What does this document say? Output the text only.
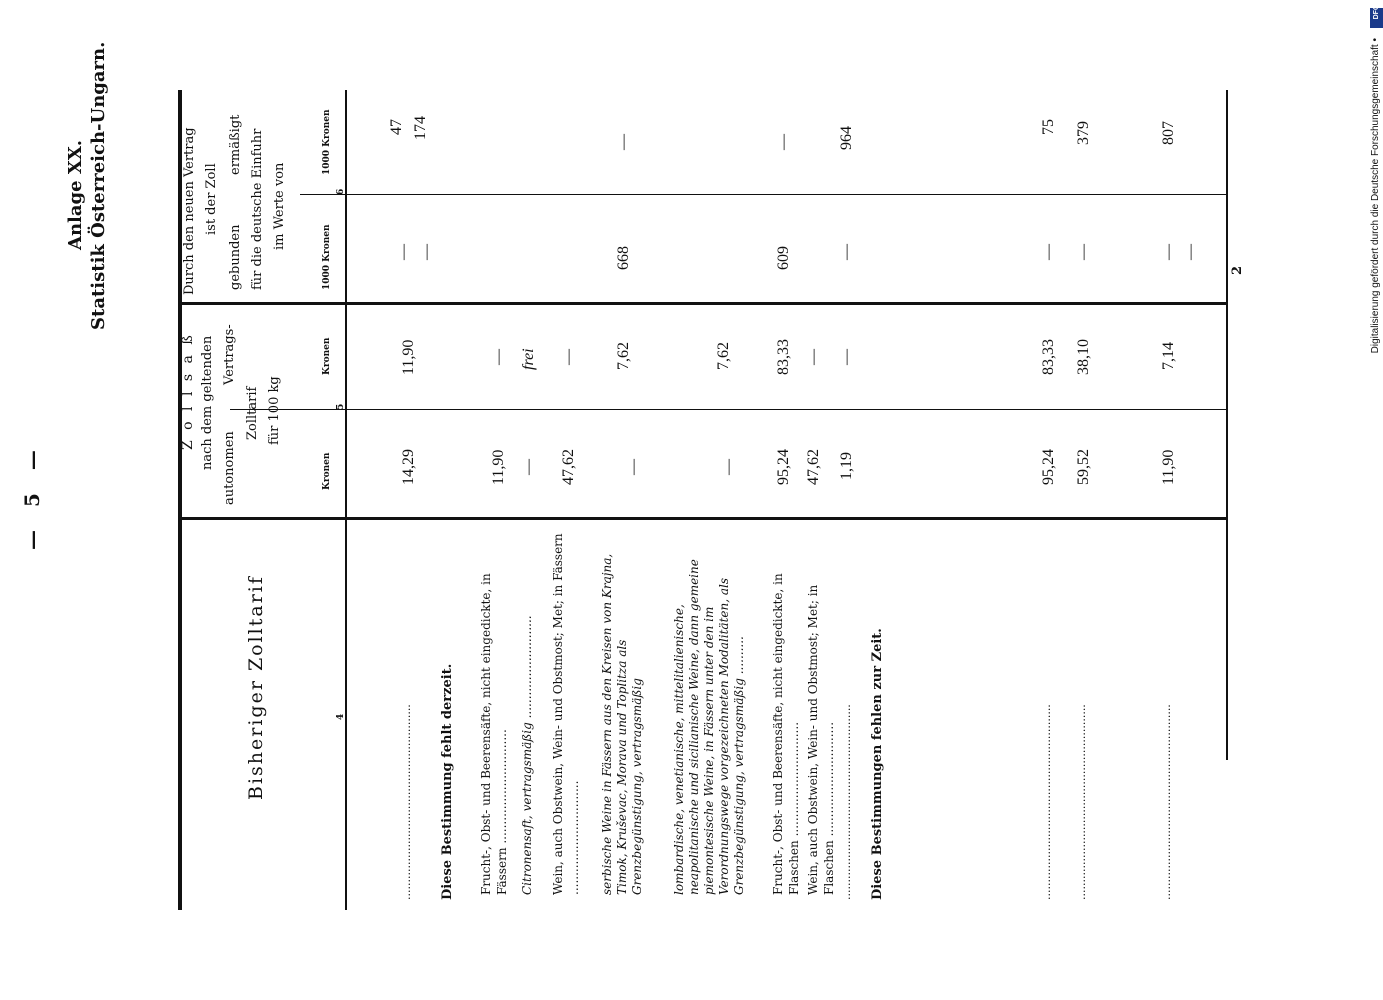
— 5 —
Anlage XX. Statistik Österreich-Ungarn.
Bisheriger Zolltarif	4
Z o l l s a ß nach dem geltenden autonomen
Vertrags-
Zolltarif für 100 kg
Kronen
Kronen
5
Durch den neuen Vertrag ist der Zoll
gebunden
ermäßigt für die deutsche Einfuhr im Werte von
1000 Kronen
1000 Kronen
6
........................................................
14,29
11,90
—
47
—
174
Diese Bestimmung fehlt derzeit. Frucht-, Obst- und Beerensäfte, nicht eingedickte, in Fässern ..............................
11,90
—
Citronensaft, vertragsmäßig ...........................
—
frei
Wein, auch Obstwein, Wein- und Obstmost; Met; in Fässern ..............................
47,62
—
serbische Weine in Fässern aus den Kreisen von Krajna, Timok, Kruševac, Morava und Toplitza als Grenzbegünstigung, vertragsmäßig
—
7,62
668
—
lombardische, venetianische, mittelitalienische, neapolitanische und sicilianische Weine, dann gemeine piemontesische Weine, in Fässern unter den im Verordnungswege vorgezeichneten Modalitäten, als Grenzbegünstigung, vertragsmäßig ..........
—
7,62
Frucht-, Obst- und Beerensäfte, nicht eingedickte, in Flaschen ..............................
95,24
83,33
609
—
Wein, auch Obstwein, Wein- und Obstmost; Met; in Flaschen ..............................
47,62
—
........................................................
1,19
—
—
964
Diese Bestimmungen fehlen zur Zeit.	........................................................
95,24
83,33
—
75
........................................................
59,52
38,10
—
379
........................................................
11,90
7,14
—
807
—
2
DFG
Digitalisierung gefördert durch die Deutsche Forschungsgemeinschaft •
